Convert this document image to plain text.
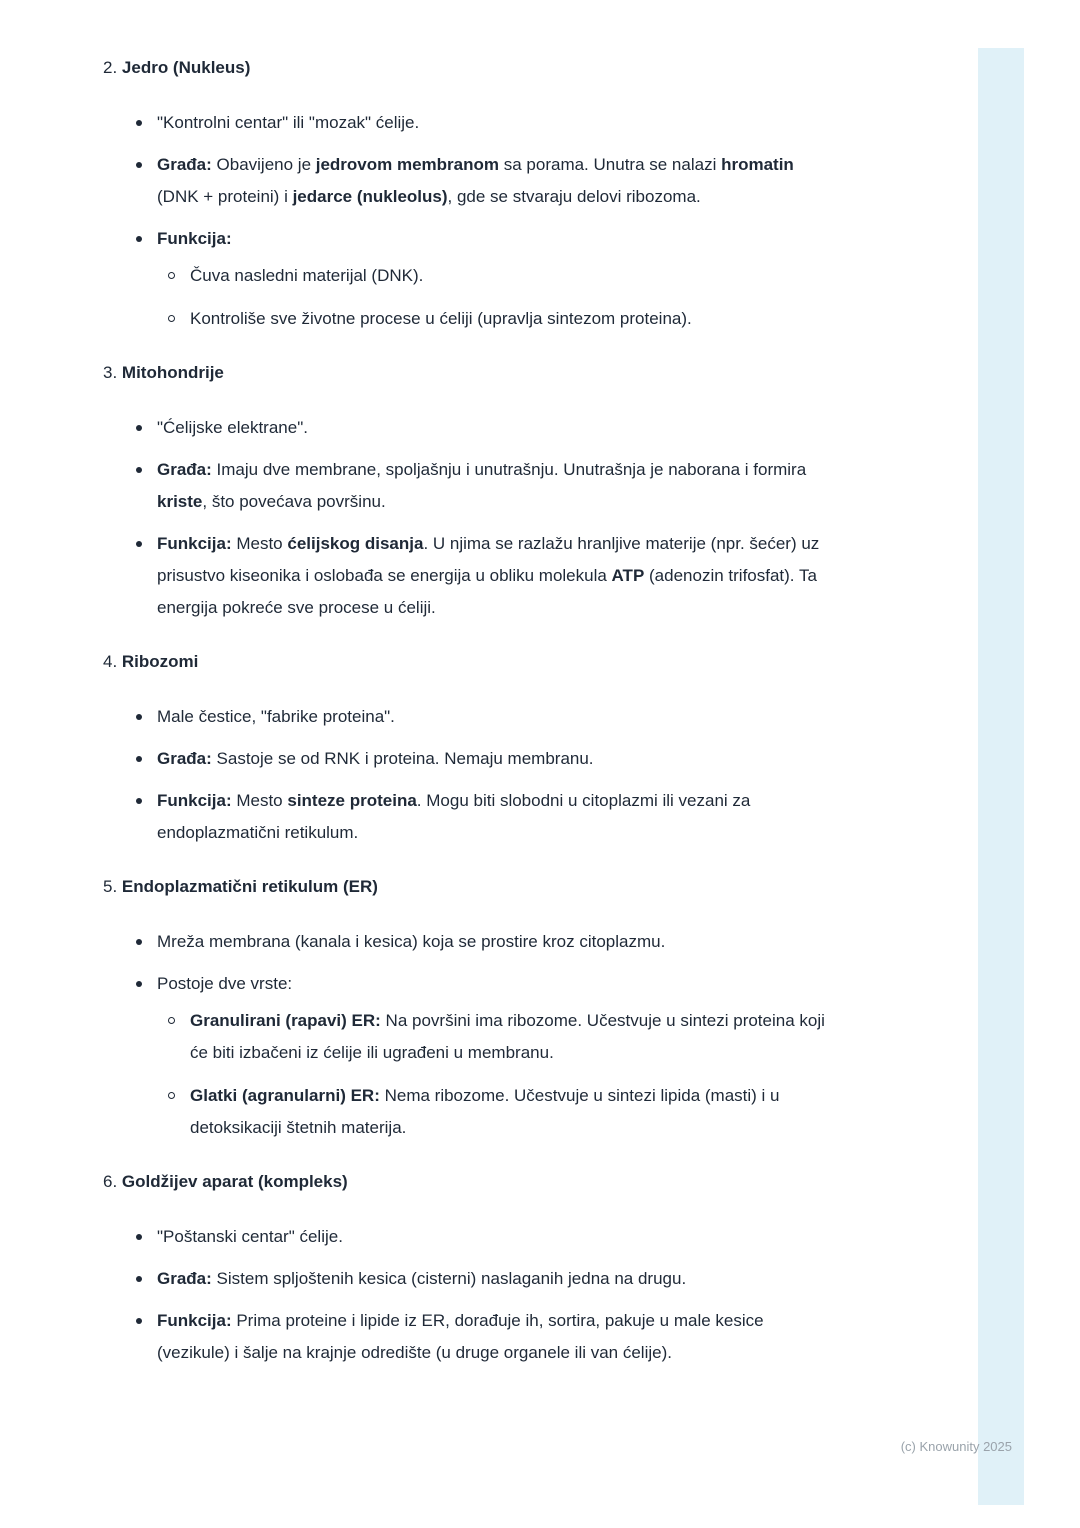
2. Jedro (Nukleus)
"Kontrolni centar" ili "mozak" ćelije.
Građa: Obavijeno je jedrovom membranom sa porama. Unutra se nalazi hromatin (DNK + proteini) i jedarce (nukleolus), gde se stvaraju delovi ribozoma.
Funkcija:
Čuva nasledni materijal (DNK).
Kontroliše sve životne procese u ćeliji (upravlja sintezom proteina).
3. Mitohondrije
"Ćelijske elektrane".
Građa: Imaju dve membrane, spoljašnju i unutrašnju. Unutrašnja je naborana i formira kriste, što povećava površinu.
Funkcija: Mesto ćelijskog disanja. U njima se razlažu hranljive materije (npr. šećer) uz prisustvo kiseonika i oslobađa se energija u obliku molekula ATP (adenozin trifosfat). Ta energija pokreće sve procese u ćeliji.
4. Ribozomi
Male čestice, "fabrike proteina".
Građa: Sastoje se od RNK i proteina. Nemaju membranu.
Funkcija: Mesto sinteze proteina. Mogu biti slobodni u citoplazmi ili vezani za endoplazmatični retikulum.
5. Endoplazmatični retikulum (ER)
Mreža membrana (kanala i kesica) koja se prostire kroz citoplazmu.
Postoje dve vrste:
Granulirani (rapavi) ER: Na površini ima ribozome. Učestvuje u sintezi proteina koji će biti izbačeni iz ćelije ili ugrađeni u membranu.
Glatki (agranularni) ER: Nema ribozome. Učestvuje u sintezi lipida (masti) i u detoksikaciji štetnih materija.
6. Goldžijev aparat (kompleks)
"Poštanski centar" ćelije.
Građa: Sistem spljoštenih kesica (cisterni) naslaganih jedna na drugu.
Funkcija: Prima proteine i lipide iz ER, dorađuje ih, sortira, pakuje u male kesice (vezikule) i šalje na krajnje odredište (u druge organele ili van ćelije).
(c) Knowunity 2025
